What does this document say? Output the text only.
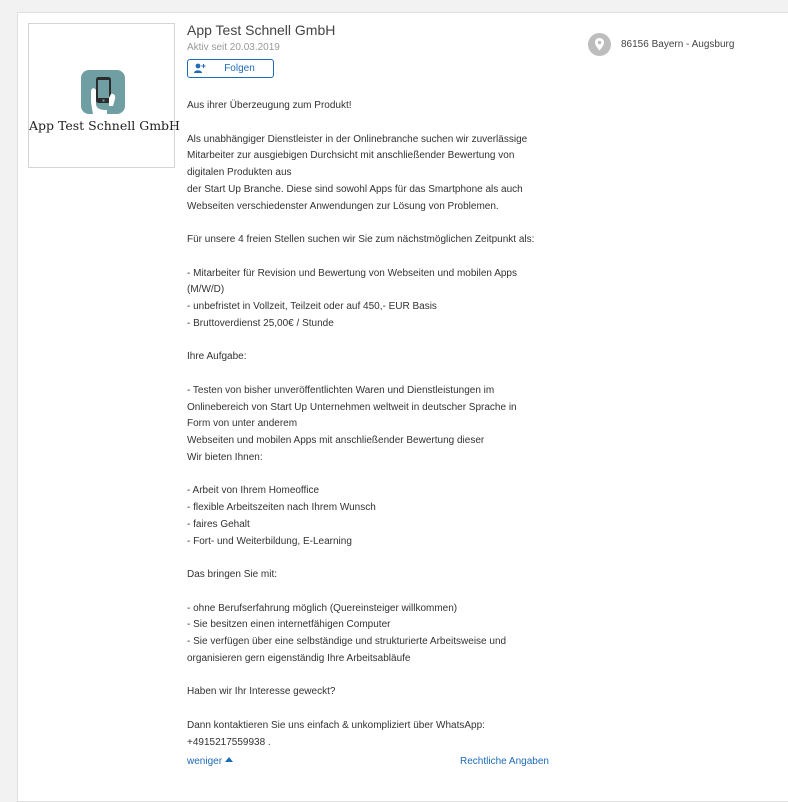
App Test Schnell GmbH
App Test Schnell GmbH
Aktiv seit 20.03.2019
Folgen
86156 Bayern - Augsburg
Aus ihrer Überzeugung zum Produkt!
Als unabhängiger Dienstleister in der Onlinebranche suchen wir zuverlässige
Mitarbeiter zur ausgiebigen Durchsicht mit anschließender Bewertung von
digitalen Produkten aus
der Start Up Branche. Diese sind sowohl Apps für das Smartphone als auch
Webseiten verschiedenster Anwendungen zur Lösung von Problemen.
Für unsere 4 freien Stellen suchen wir Sie zum nächstmöglichen Zeitpunkt als:
- Mitarbeiter für Revision und Bewertung von Webseiten und mobilen Apps
(M/W/D)
- unbefristet in Vollzeit, Teilzeit oder auf 450,- EUR Basis
- Bruttoverdienst 25,00€ / Stunde
Ihre Aufgabe:
- Testen von bisher unveröffentlichten Waren und Dienstleistungen im
Onlinebereich von Start Up Unternehmen weltweit in deutscher Sprache in
Form von unter anderem
Webseiten und mobilen Apps mit anschließender Bewertung dieser
Wir bieten Ihnen:
- Arbeit von Ihrem Homeoffice
- flexible Arbeitszeiten nach Ihrem Wunsch
- faires Gehalt
- Fort- und Weiterbildung, E-Learning
Das bringen Sie mit:
- ohne Berufserfahrung möglich (Quereinsteiger willkommen)
- Sie besitzen einen internetfähigen Computer
- Sie verfügen über eine selbständige und strukturierte Arbeitsweise und
organisieren gern eigenständig Ihre Arbeitsabläufe
Haben wir Ihr Interesse geweckt?
Dann kontaktieren Sie uns einfach & unkompliziert über WhatsApp:
+4915217559938 .
weniger	Rechtliche Angaben
